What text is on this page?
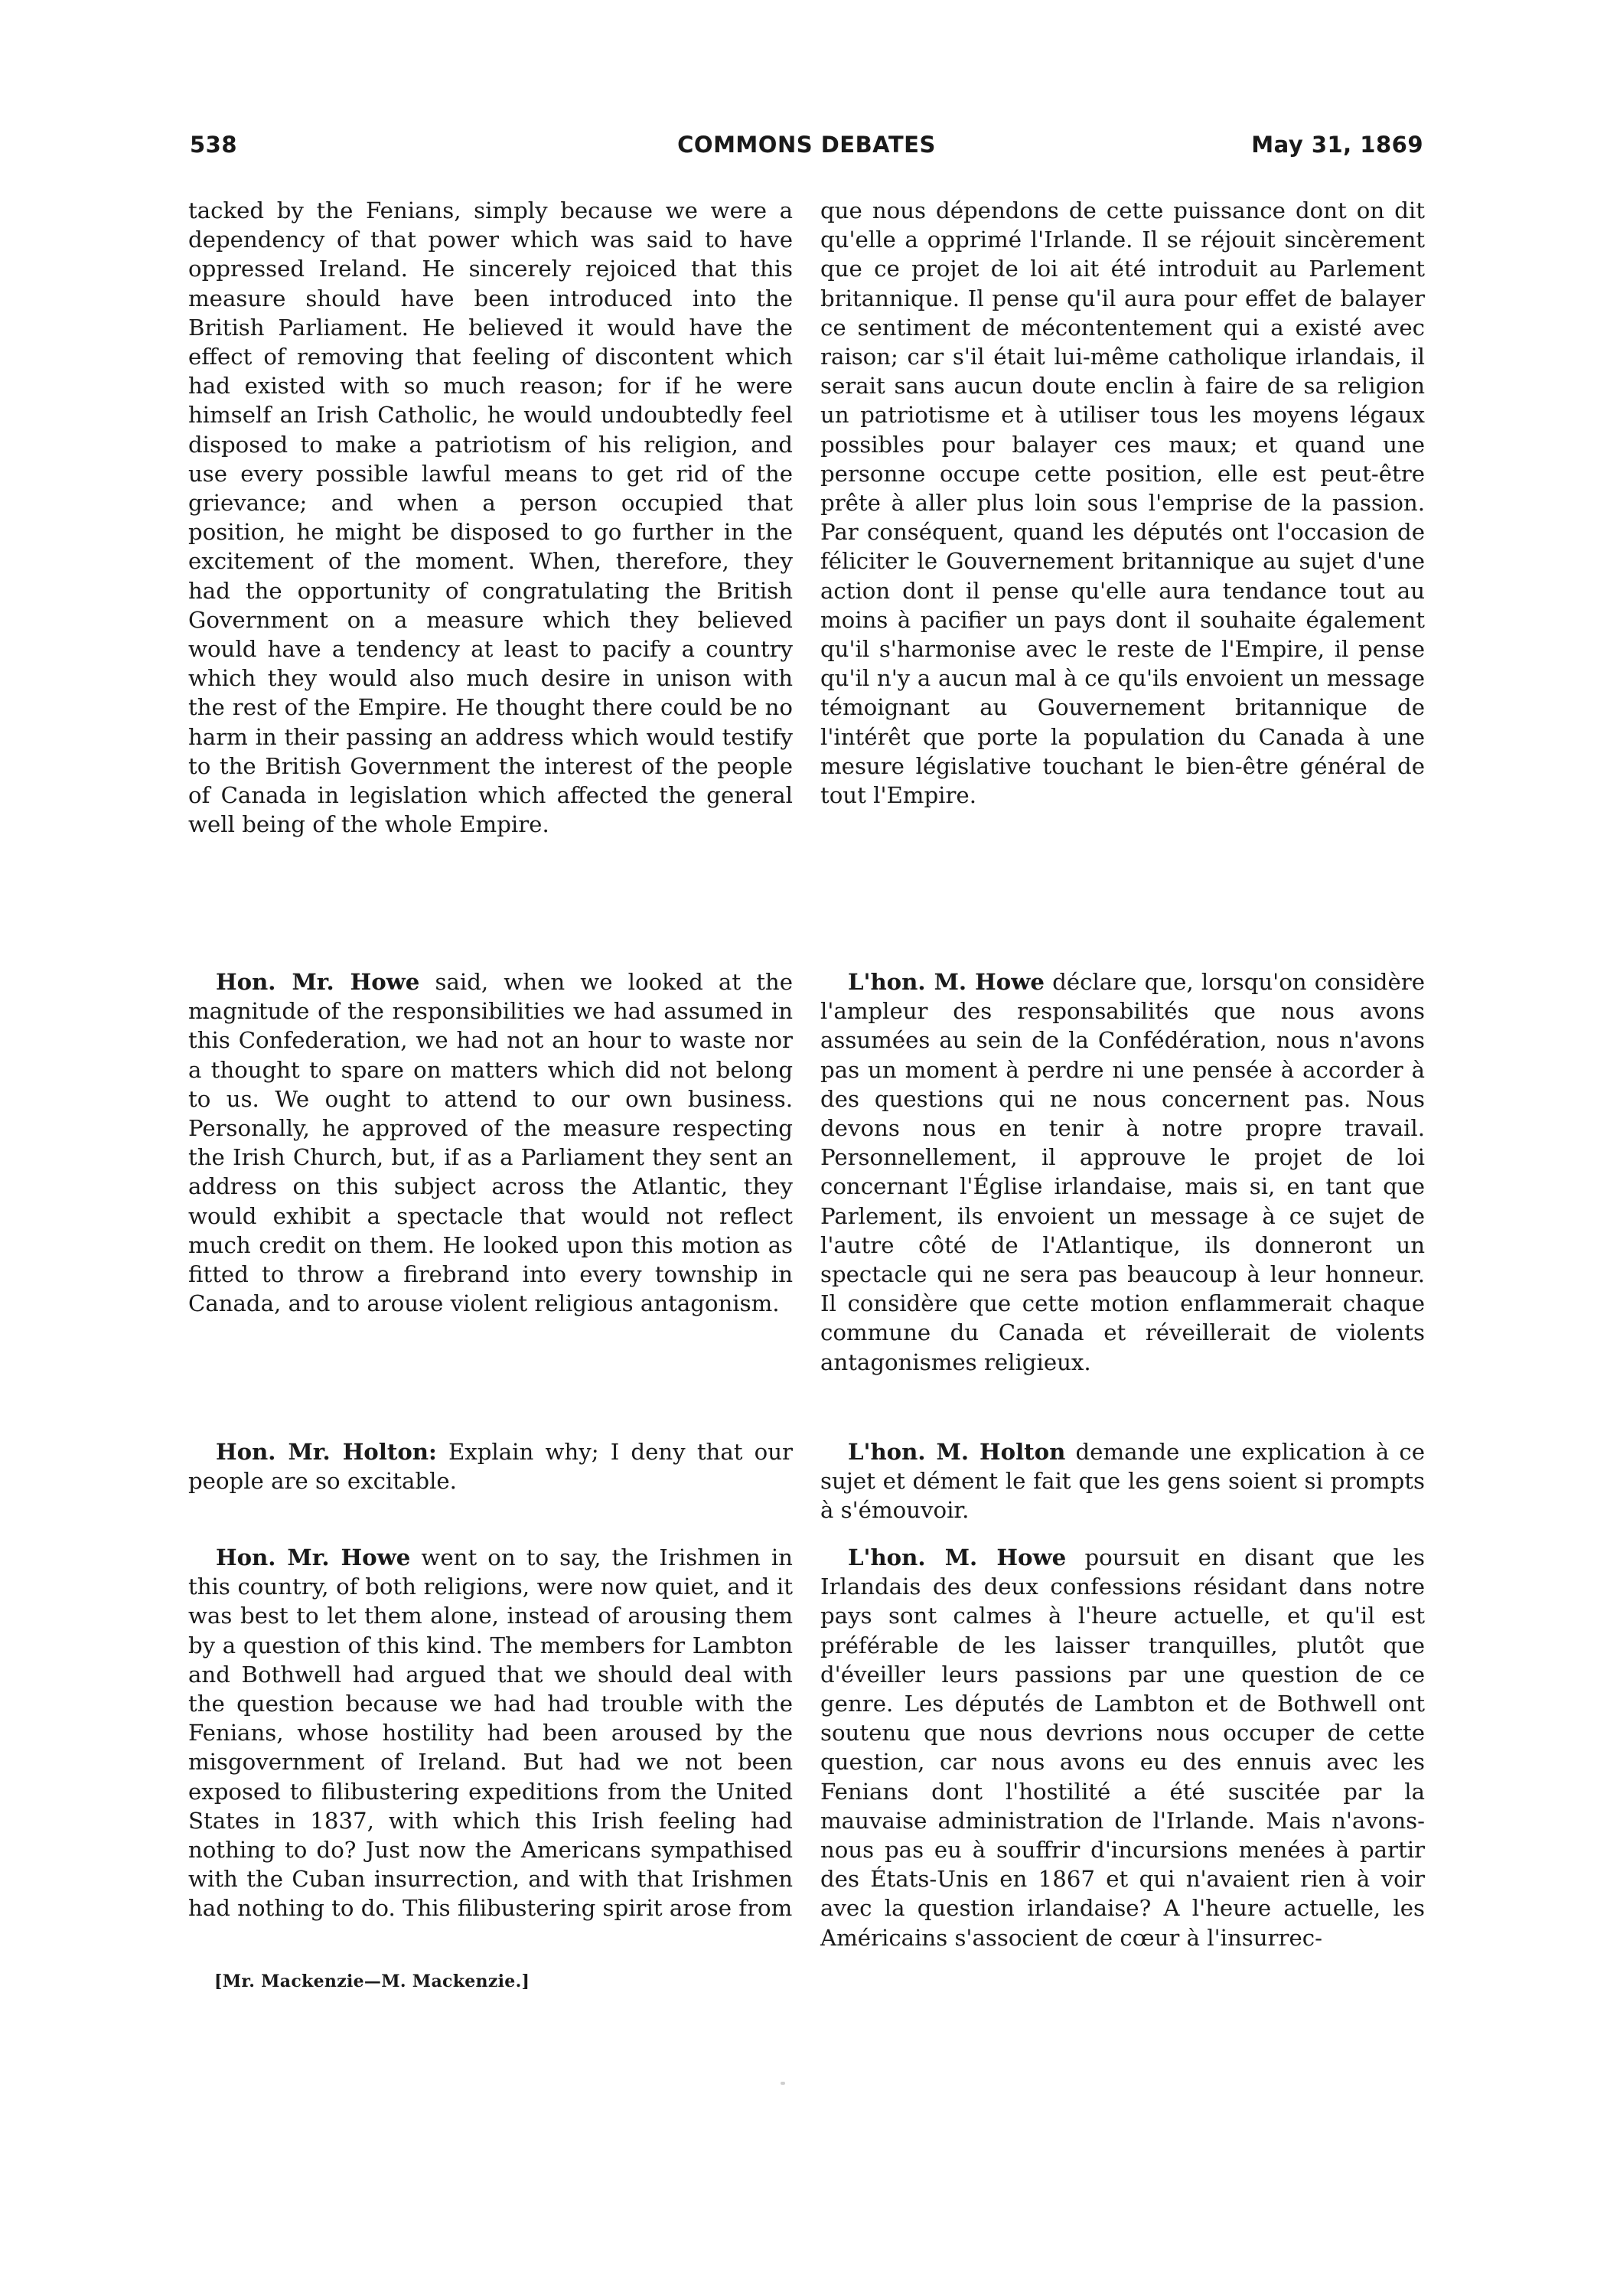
538	COMMONS DEBATES	May 31, 1869

tacked by the Fenians, simply because we were a dependency of that power which was said to have oppressed Ireland. He sincerely rejoiced that this measure should have been introduced into the British Parliament. He believed it would have the effect of removing that feeling of discontent which had existed with so much reason; for if he were himself an Irish Catholic, he would undoubtedly feel disposed to make a patriotism of his religion, and use every possible lawful means to get rid of the grievance; and when a person occupied that position, he might be disposed to go further in the excitement of the moment. When, therefore, they had the opportunity of congratulating the British Government on a measure which they believed would have a tendency at least to pacify a country which they would also much desire in unison with the rest of the Empire. He thought there could be no harm in their passing an address which would testify to the British Government the interest of the people of Canada in legislation which affected the general well being of the whole Empire.

Hon. Mr. Howe said, when we looked at the magnitude of the responsibilities we had assumed in this Confederation, we had not an hour to waste nor a thought to spare on matters which did not belong to us. We ought to attend to our own business. Personally, he approved of the measure respecting the Irish Church, but, if as a Parliament they sent an address on this subject across the Atlantic, they would exhibit a spectacle that would not reflect much credit on them. He looked upon this motion as fitted to throw a firebrand into every township in Canada, and to arouse violent religious antagonism.

Hon. Mr. Holton: Explain why; I deny that our people are so excitable.

Hon. Mr. Howe went on to say, the Irishmen in this country, of both religions, were now quiet, and it was best to let them alone, instead of arousing them by a question of this kind. The members for Lambton and Bothwell had argued that we should deal with the question because we had had trouble with the Fenians, whose hostility had been aroused by the misgovernment of Ireland. But had we not been exposed to filibustering expeditions from the United States in 1837, with which this Irish feeling had nothing to do? Just now the Americans sympathised with the Cuban insurrection, and with that Irishmen had nothing to do. This filibustering spirit arose from

que nous dépendons de cette puissance dont on dit qu'elle a opprimé l'Irlande. Il se réjouit sincèrement que ce projet de loi ait été introduit au Parlement britannique. Il pense qu'il aura pour effet de balayer ce sentiment de mécontentement qui a existé avec raison; car s'il était lui-même catholique irlandais, il serait sans aucun doute enclin à faire de sa religion un patriotisme et à utiliser tous les moyens légaux possibles pour balayer ces maux; et quand une personne occupe cette position, elle est peut-être prête à aller plus loin sous l'emprise de la passion. Par conséquent, quand les députés ont l'occasion de féliciter le Gouvernement britannique au sujet d'une action dont il pense qu'elle aura tendance tout au moins à pacifier un pays dont il souhaite également qu'il s'harmonise avec le reste de l'Empire, il pense qu'il n'y a aucun mal à ce qu'ils envoient un message témoignant au Gouvernement britannique de l'intérêt que porte la population du Canada à une mesure législative touchant le bien-être général de tout l'Empire.

L'hon. M. Howe déclare que, lorsqu'on considère l'ampleur des responsabilités que nous avons assumées au sein de la Confédération, nous n'avons pas un moment à perdre ni une pensée à accorder à des questions qui ne nous concernent pas. Nous devons nous en tenir à notre propre travail. Personnellement, il approuve le projet de loi concernant l'Église irlandaise, mais si, en tant que Parlement, ils envoient un message à ce sujet de l'autre côté de l'Atlantique, ils donneront un spectacle qui ne sera pas beaucoup à leur honneur. Il considère que cette motion enflammerait chaque commune du Canada et réveillerait de violents antagonismes religieux.

L'hon. M. Holton demande une explication à ce sujet et dément le fait que les gens soient si prompts à s'émouvoir.

L'hon. M. Howe poursuit en disant que les Irlandais des deux confessions résidant dans notre pays sont calmes à l'heure actuelle, et qu'il est préférable de les laisser tranquilles, plutôt que d'éveiller leurs passions par une question de ce genre. Les députés de Lambton et de Bothwell ont soutenu que nous devrions nous occuper de cette question, car nous avons eu des ennuis avec les Fenians dont l'hostilité a été suscitée par la mauvaise administration de l'Irlande. Mais n'avons-nous pas eu à souffrir d'incursions menées à partir des États-Unis en 1867 et qui n'avaient rien à voir avec la question irlandaise? A l'heure actuelle, les Américains s'associent de cœur à l'insurrec-

[Mr. Mackenzie—M. Mackenzie.]
